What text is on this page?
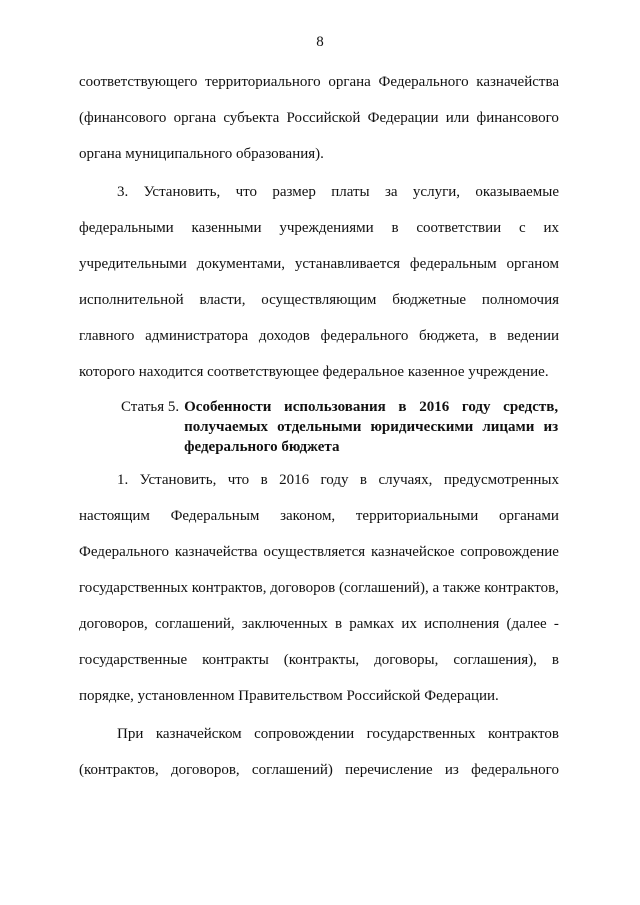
8
соответствующего территориального органа Федерального казначейства
(финансового органа субъекта Российской Федерации или финансового
органа муниципального образования).
3. Установить, что размер платы за услуги, оказываемые
федеральными казенными учреждениями в соответствии с их
учредительными документами, устанавливается федеральным органом
исполнительной власти, осуществляющим бюджетные полномочия
главного администратора доходов федерального бюджета, в ведении
которого находится соответствующее федеральное казенное учреждение.
Статья 5. Особенности использования в 2016 году средств, получаемых отдельными юридическими лицами из федерального бюджета
1. Установить, что в 2016 году в случаях, предусмотренных
настоящим Федеральным законом, территориальными органами
Федерального казначейства осуществляется казначейское сопровождение
государственных контрактов, договоров (соглашений), а также контрактов,
договоров, соглашений, заключенных в рамках их исполнения (далее -
государственные контракты (контракты, договоры, соглашения), в
порядке, установленном Правительством Российской Федерации.
При казначейском сопровождении государственных контрактов
(контрактов, договоров, соглашений) перечисление из федерального
